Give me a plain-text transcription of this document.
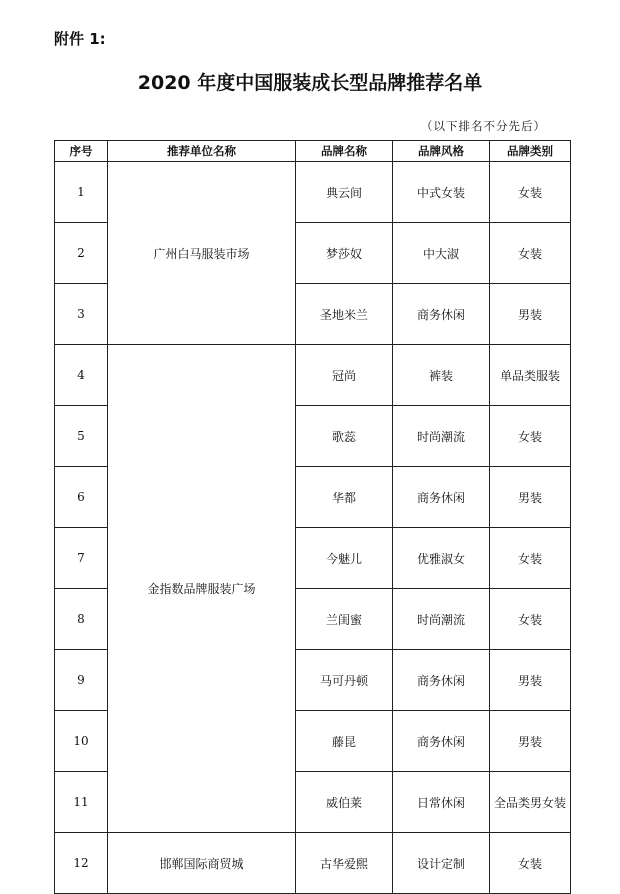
附件 1:
2020 年度中国服装成长型品牌推荐名单
（以下排名不分先后）
序号	推荐单位名称	品牌名称	品牌风格	品牌类别
1	广州白马服装市场	典云间	中式女装	女装
2		梦莎奴	中大淑	女装
3		圣地米兰	商务休闲	男装
4	金指数品牌服装广场	冠尚	裤装	单品类服装
5		歌蕊	时尚潮流	女装
6		华都	商务休闲	男装
7		今魅儿	优雅淑女	女装
8		兰闺蜜	时尚潮流	女装
9		马可丹顿	商务休闲	男装
10		藤昆	商务休闲	男装
11		威伯莱	日常休闲	全品类男女装
12	邯郸国际商贸城	古华爱熙	设计定制	女装
